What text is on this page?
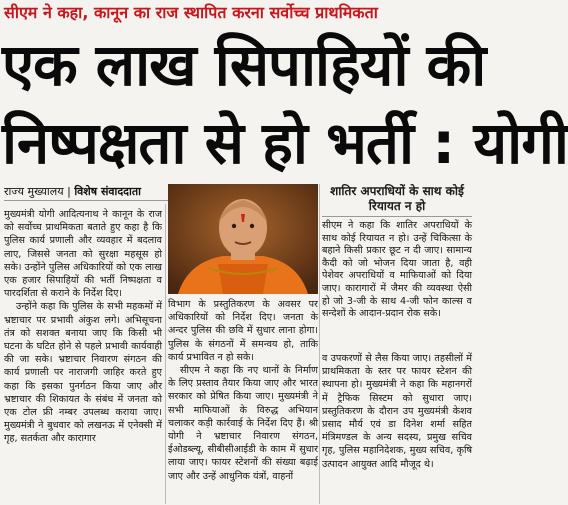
सीएम ने कहा, कानून का राज स्थापित करना सर्वोच्च प्राथमिकता
एक लाख सिपाहियों की
निष्पक्षता से हो भर्ती : योगी
राज्य मुख्यालय | विशेष संवाददाता	शातिर अपराधियों के साथ कोई रियायत न हो
सीएम ने कहा कि शातिर अपराधियों के साथ कोई रियायत न हो। उन्हें चिकित्सा के बहाने किसी प्रकार छूट न दी जाए। सामान्य कैदी को जो भोजन दिया जाता है, वही पेशेवर अपराधियों व माफियाओं को दिया जाए। कारागारों में जैमर की व्यवस्था ऐसी हो जो 3-जी के साथ 4-जी फोन काल्स व सन्देशों के आदान-प्रदान रोक सके।

मुख्यमंत्री योगी आदित्यनाथ ने कानून के राज को सर्वोच्च प्राथमिकता बताते हुए कहा है कि पुलिस कार्य प्रणाली और व्यवहार में बदलाव लाए, जिससे जनता को सुरक्षा महसूस हो सके। उन्होंने पुलिस अधिकारियों को एक लाख एक हजार सिपाहियों की भर्ती निष्पक्षता व पारदर्शिता से कराने के निर्देश दिए।

उन्होंने कहा कि पुलिस के सभी महकमों में भ्रष्टाचार पर प्रभावी अंकुश लगे। अभिसूचना तंत्र को सशक्त बनाया जाए कि किसी भी घटना के घटित होने से पहले प्रभावी कार्यवाही की जा सके। भ्रष्टाचार निवारण संगठन की कार्य प्रणाली पर नाराजगी जाहिर करते हुए कहा कि इसका पुनर्गठन किया जाए और भ्रष्टाचार की शिकायत के संबंध में जनता को एक टोल फ्री नम्बर उपलब्ध कराया जाए। मुख्यमंत्री ने बुधवार को लखनऊ में एनेक्सी में गृह, सतर्कता और कारागार

विभाग के प्रस्तुतिकरण के अवसर पर अधिकारियों को निर्देश दिए। जनता के अन्दर पुलिस की छवि में सुधार लाना होगा। पुलिस के संगठनों में समन्वय हो, ताकि कार्य प्रभावित न हो सके।

सीएम ने कहा कि नए थानों के निर्माण के लिए प्रस्ताव तैयार किया जाए और भारत सरकार को प्रेषित किया जाए। मुख्यमंत्री ने सभी माफियाओं के विरुद्ध अभियान चलाकर कड़ी कार्रवाई के निर्देश दिए हैं। श्री योगी ने भ्रष्टाचार निवारण संगठन, ईओडब्ल्यू, सीबीसीआईडी के काम में सुधार लाया जाए। फायर स्टेशनों की संख्या बढ़ाई जाए और उन्हें आधुनिक यंत्रों, वाहनों

व उपकरणों से लैस किया जाए। तहसीलों में प्राथमिकता के स्तर पर फायर स्टेशन की स्थापना हो। मुख्यमंत्री ने कहा कि महानगरों में ट्रैफिक सिस्टम को सुधारा जाए। प्रस्तुतिकरण के दौरान उप मुख्यमंत्री केशव प्रसाद मौर्य एवं डा दिनेश शर्मा सहित मंत्रिमण्डल के अन्य सदस्य, प्रमुख सचिव गृह, पुलिस महानिदेशक, मुख्य सचिव, कृषि उत्पादन आयुक्त आदि मौजूद थे।
